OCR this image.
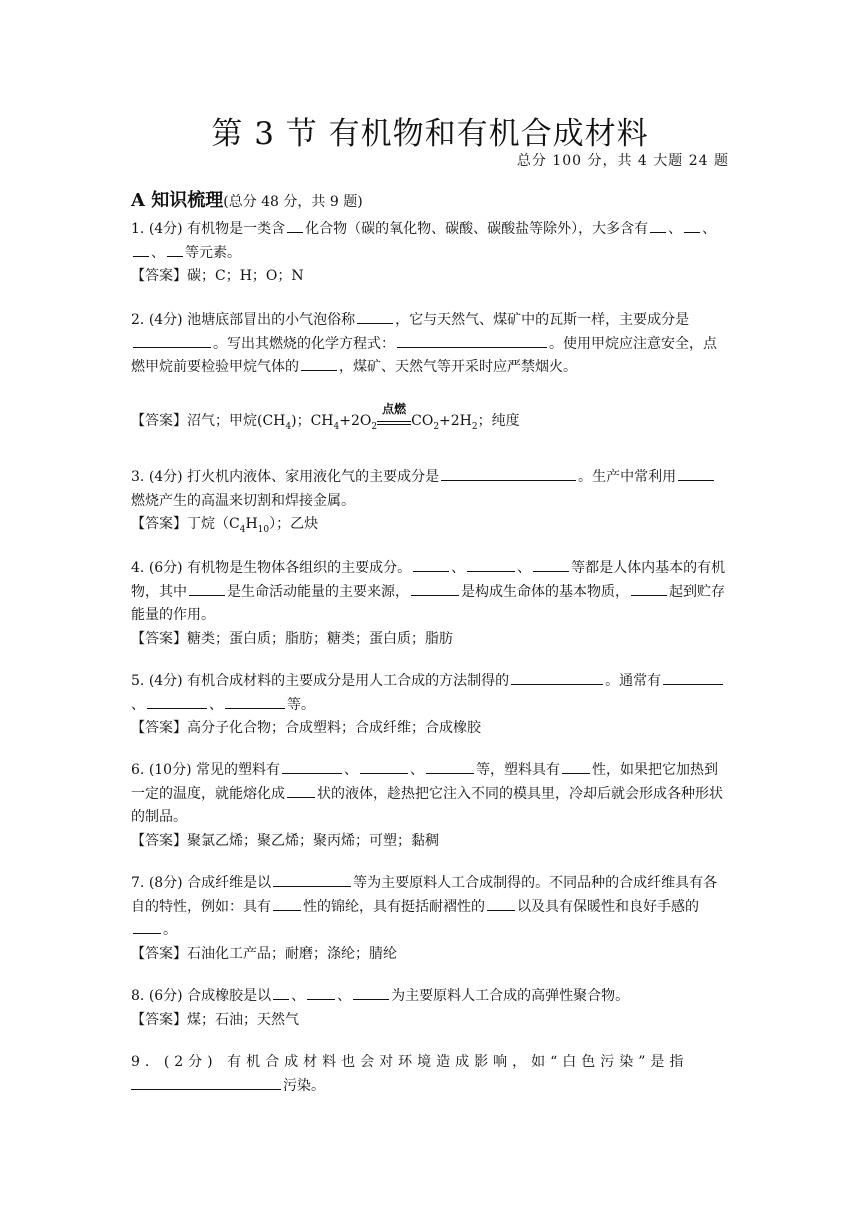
第 3 节 有机物和有机合成材料
总分 100 分，共 4 大题 24 题
A 知识梳理(总分 48 分，共 9 题)
1. (4分) 有机物是一类含 化合物（碳的氧化物、碳酸、碳酸盐等除外），大多含有 、 、、 等元素。
【答案】碳；C；H；O；N
2. (4分) 池塘底部冒出的小气泡俗称	，它与天然气、煤矿中的瓦斯一样，主要成分是。写出其燃烧的化学方程式：	。使用甲烷应注意安全，点燃甲烷前要检验甲烷气体的	，煤矿、天然气等开采时应严禁烟火。
【答案】沼气；甲烷$(CH_4)$；$CH_4+2O_2$
点燃
$CO_2+2H_2$；纯度
3. (4分) 打火机内液体、家用液化气的主要成分是	。生产中常利用燃烧产生的高温来切割和焊接金属。
【答案】丁烷$(C_4H_{10})$；乙炔
4. (6分) 有机物是生物体各组织的主要成分。	、	、	等都是人体内基本的有机物，其中	是生命活动能量的主要来源，	是构成生命体的基本物质，	起到贮存能量的作用。
【答案】糖类；蛋白质；脂肪；糖类；蛋白质；脂肪
5. (4分) 有机合成材料的主要成分是用人工合成的方法制得的	。通常有、	、	等。
【答案】高分子化合物；合成塑料；合成纤维；合成橡胶
6. (10分) 常见的塑料有	、	、	等，塑料具有 性，如果把它加热到一定的温度，就能熔化成 状的液体，趁热把它注入不同的模具里，冷却后就会形成各种形状的制品。
【答案】聚氯乙烯；聚乙烯；聚丙烯；可塑；黏稠
7. (8分) 合成纤维是以	等为主要原料人工合成制得的。不同品种的合成纤维具有各自的特性，例如：具有 性的锦纶，具有挺括耐褶性的 以及具有保暖性和良好手感的。
【答案】石油化工产品；耐磨；涤纶；腈纶
8. (6分) 合成橡胶是以 、 、	为主要原料人工合成的高弹性聚合物。
【答案】煤；石油；天然气
9. (2分) 有机合成材料也会对环境造成影响，如“白色污染”是指
污染。
